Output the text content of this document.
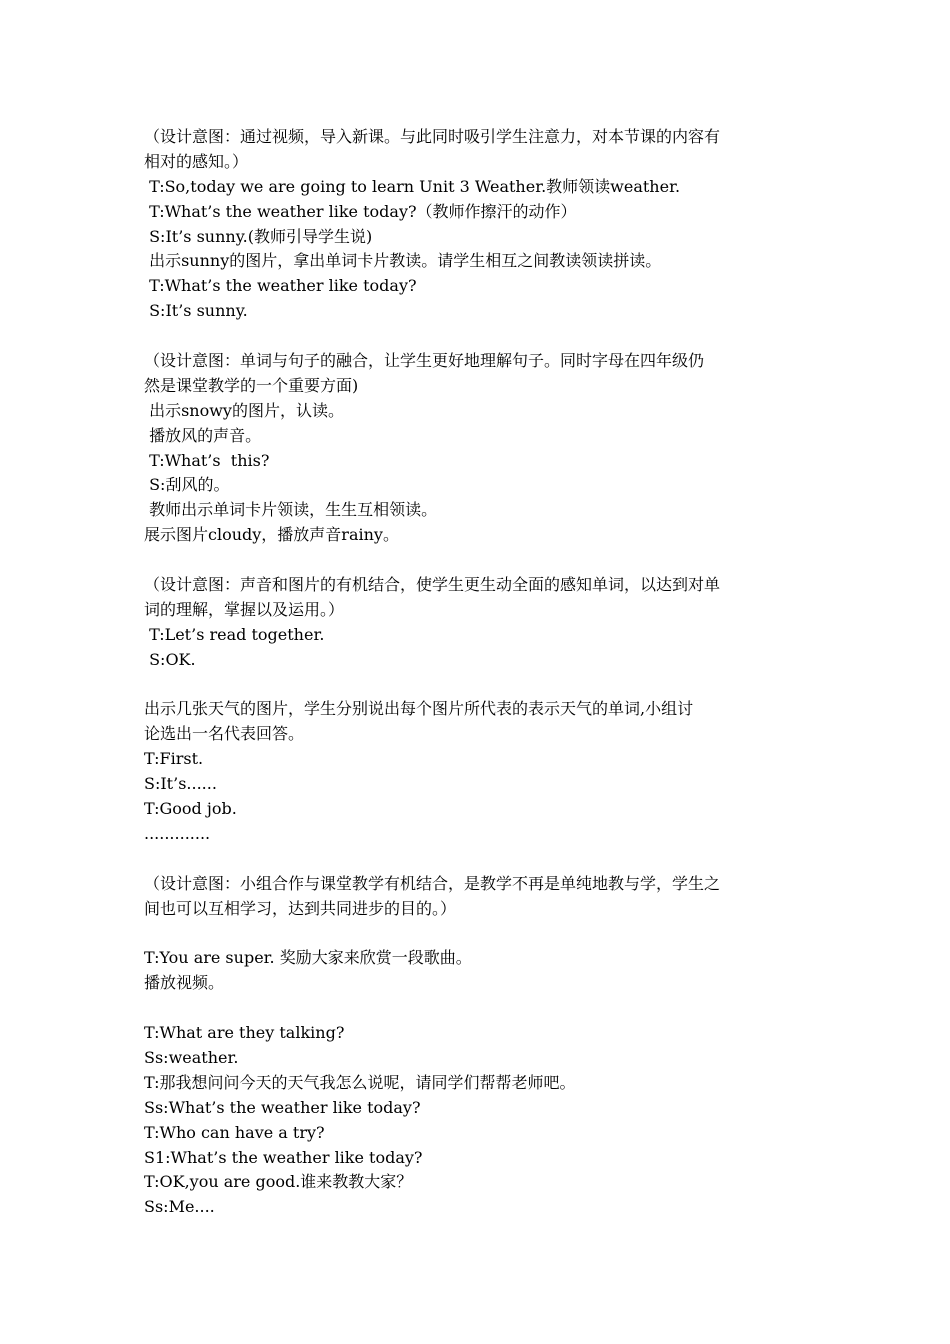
（设计意图：通过视频，导入新课。与此同时吸引学生注意力，对本节课的内容有
相对的感知。）
T:So,today we are going to learn Unit 3 Weather.教师领读weather.
T:What’s the weather like today?（教师作擦汗的动作）
S:It’s sunny.(教师引导学生说)
出示sunny的图片，拿出单词卡片教读。请学生相互之间教读领读拼读。
T:What’s the weather like today?
S:It’s sunny.
（设计意图：单词与句子的融合，让学生更好地理解句子。同时字母在四年级仍
然是课堂教学的一个重要方面)
出示snowy的图片，认读。
播放风的声音。
T:What’s  this?
S:刮风的。
教师出示单词卡片领读，生生互相领读。
展示图片cloudy，播放声音rainy。
（设计意图：声音和图片的有机结合，使学生更生动全面的感知单词，以达到对单
词的理解，掌握以及运用。）
T:Let’s read together.
S:OK.
出示几张天气的图片，学生分别说出每个图片所代表的表示天气的单词,小组讨
论选出一名代表回答。
T:First.
S:It’s......
T:Good job.
.............
（设计意图：小组合作与课堂教学有机结合，是教学不再是单纯地教与学，学生之
间也可以互相学习，达到共同进步的目的。）
T:You are super. 奖励大家来欣赏一段歌曲。
播放视频。
T:What are they talking?
Ss:weather.
T:那我想问问今天的天气我怎么说呢，请同学们帮帮老师吧。
Ss:What’s the weather like today?
T:Who can have a try?
S1:What’s the weather like today?
T:OK,you are good.谁来教教大家？
Ss:Me....
